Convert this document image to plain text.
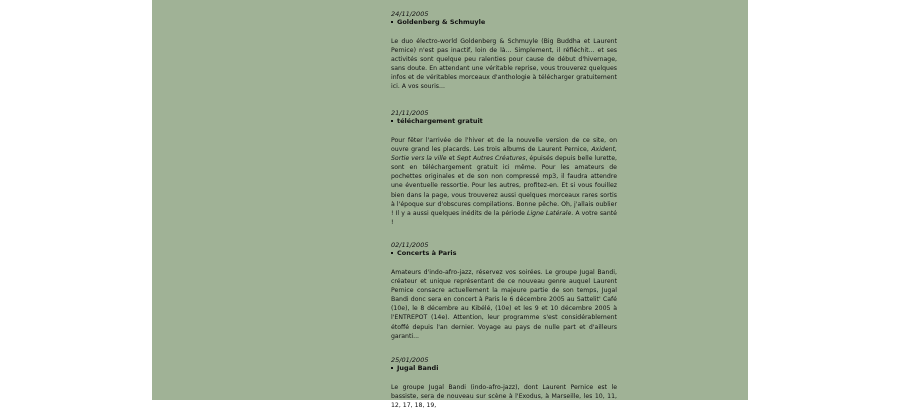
24/11/2005
Goldenberg & Schmuyle

Le duo électro-world Goldenberg & Schmuyle (Big Buddha et Laurent Pernice) n'est pas inactif, loin de là... Simplement, il réfléchit... et ses activités sont quelque peu ralenties pour cause de début d'hivernage, sans doute. En attendant une véritable reprise, vous trouverez quelques infos et de véritables morceaux d'anthologie à télécharger gratuitement ici. A vos souris...

21/11/2005
téléchargement gratuit

Pour fêter l'arrivée de l'hiver et de la nouvelle version de ce site, on ouvre grand les placards. Les trois albums de Laurent Pernice, Axident, Sortie vers la ville et Sept Autres Créatures, épuisés depuis belle lurette, sont en téléchargement gratuit ici même. Pour les amateurs de pochettes originales et de son non compressé mp3, il faudra attendre une éventuelle ressortie. Pour les autres, profitez-en. Et si vous fouillez bien dans la page, vous trouverez aussi quelques morceaux rares sortis à l'époque sur d'obscures compilations. Bonne pêche. Oh, j'allais oublier ! Il y a aussi quelques inédits de la période Ligne Latérale. A votre santé !

02/11/2005
Concerts à Paris

Amateurs d'indo-afro-jazz, réservez vos soirées. Le groupe Jugal Bandi, créateur et unique représentant de ce nouveau genre auquel Laurent Pernice consacre actuellement la majeure partie de son temps, Jugal Bandi donc sera en concert à Paris le 6 décembre 2005 au Sattelit' Café (10e), le 8 décembre au Kibélé, (10e) et les 9 et 10 décembre 2005 à l'ENTREPOT (14e). Attention, leur programme s'est considérablement étoffé depuis l'an dernier. Voyage au pays de nulle part et d'ailleurs garanti...

25/01/2005
Jugal Bandi

Le groupe Jugal Bandi (indo-afro-jazz), dont Laurent Pernice est le bassiste, sera de nouveau sur scène à l'Exodus, à Marseille, les 10, 11, 12, 17, 18, 19,
